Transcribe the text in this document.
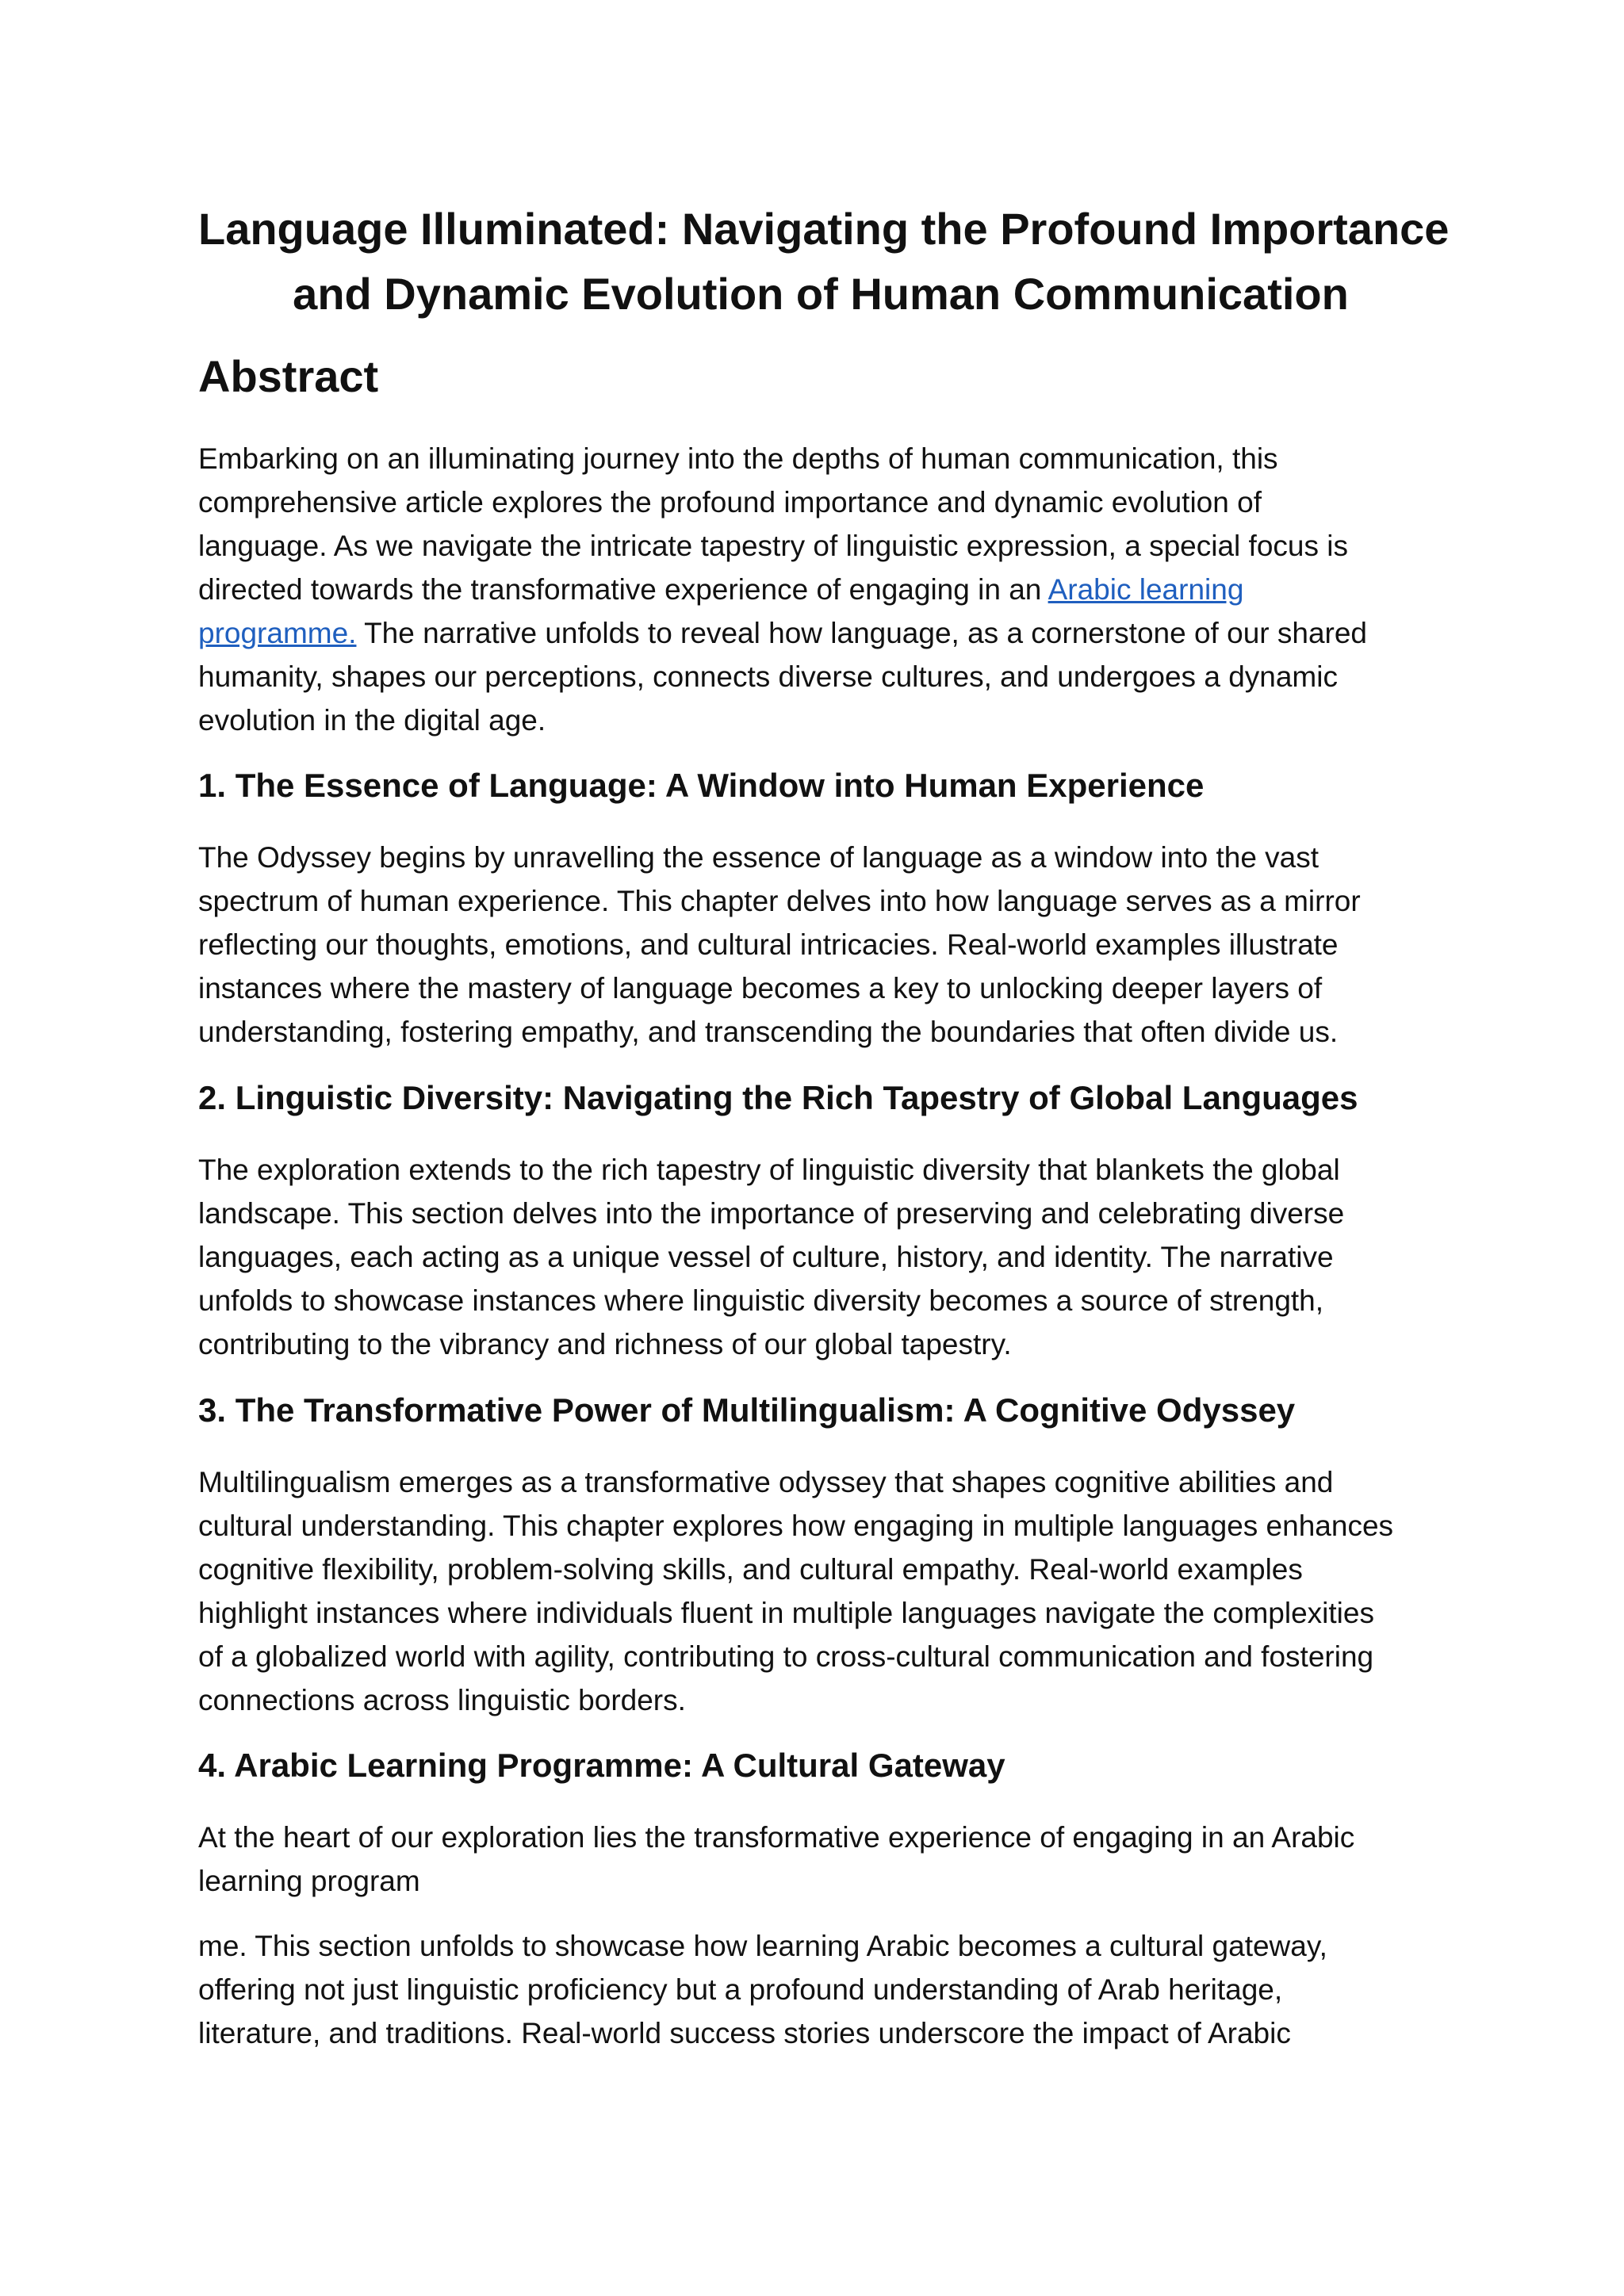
Language Illuminated: Navigating the Profound Importance
and Dynamic Evolution of Human Communication
Abstract

Embarking on an illuminating journey into the depths of human communication, this
comprehensive article explores the profound importance and dynamic evolution of
language. As we navigate the intricate tapestry of linguistic expression, a special focus is
directed towards the transformative experience of engaging in an Arabic learning
programme. The narrative unfolds to reveal how language, as a cornerstone of our shared
humanity, shapes our perceptions, connects diverse cultures, and undergoes a dynamic
evolution in the digital age.

1. The Essence of Language: A Window into Human Experience

The Odyssey begins by unravelling the essence of language as a window into the vast
spectrum of human experience. This chapter delves into how language serves as a mirror
reflecting our thoughts, emotions, and cultural intricacies. Real-world examples illustrate
instances where the mastery of language becomes a key to unlocking deeper layers of
understanding, fostering empathy, and transcending the boundaries that often divide us.

2. Linguistic Diversity: Navigating the Rich Tapestry of Global Languages

The exploration extends to the rich tapestry of linguistic diversity that blankets the global
landscape. This section delves into the importance of preserving and celebrating diverse
languages, each acting as a unique vessel of culture, history, and identity. The narrative
unfolds to showcase instances where linguistic diversity becomes a source of strength,
contributing to the vibrancy and richness of our global tapestry.

3. The Transformative Power of Multilingualism: A Cognitive Odyssey

Multilingualism emerges as a transformative odyssey that shapes cognitive abilities and
cultural understanding. This chapter explores how engaging in multiple languages enhances
cognitive flexibility, problem-solving skills, and cultural empathy. Real-world examples
highlight instances where individuals fluent in multiple languages navigate the complexities
of a globalized world with agility, contributing to cross-cultural communication and fostering
connections across linguistic borders.

4. Arabic Learning Programme: A Cultural Gateway

At the heart of our exploration lies the transformative experience of engaging in an Arabic
learning program

me. This section unfolds to showcase how learning Arabic becomes a cultural gateway,
offering not just linguistic proficiency but a profound understanding of Arab heritage,
literature, and traditions. Real-world success stories underscore the impact of Arabic
